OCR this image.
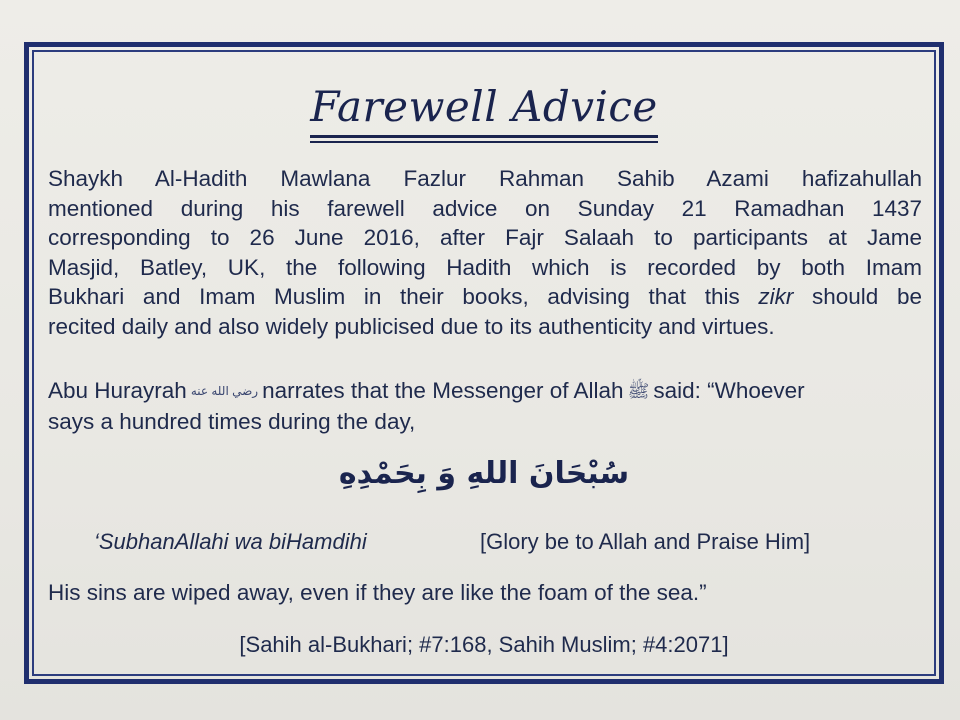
Farewell Advice
Shaykh Al-Hadith Mawlana Fazlur Rahman Sahib Azami hafizahullah
mentioned during his farewell advice on Sunday 21 Ramadhan 1437
corresponding to 26 June 2016, after Fajr Salaah to participants at Jame
Masjid, Batley, UK, the following Hadith which is recorded by both Imam
Bukhari and Imam Muslim in their books, advising that this zikr should be
recited daily and also widely publicised due to its authenticity and virtues.
Abu Hurayrah رضي الله عنه narrates that the Messenger of Allah ﷺ said: “Whoever
says a hundred times during the day,
سُبْحَانَ اللهِ وَ بِحَمْدِهِ
‘SubhanAllahi wa biHamdihi	[Glory be to Allah and Praise Him]
His sins are wiped away, even if they are like the foam of the sea.”
[Sahih al-Bukhari; #7:168, Sahih Muslim; #4:2071]
